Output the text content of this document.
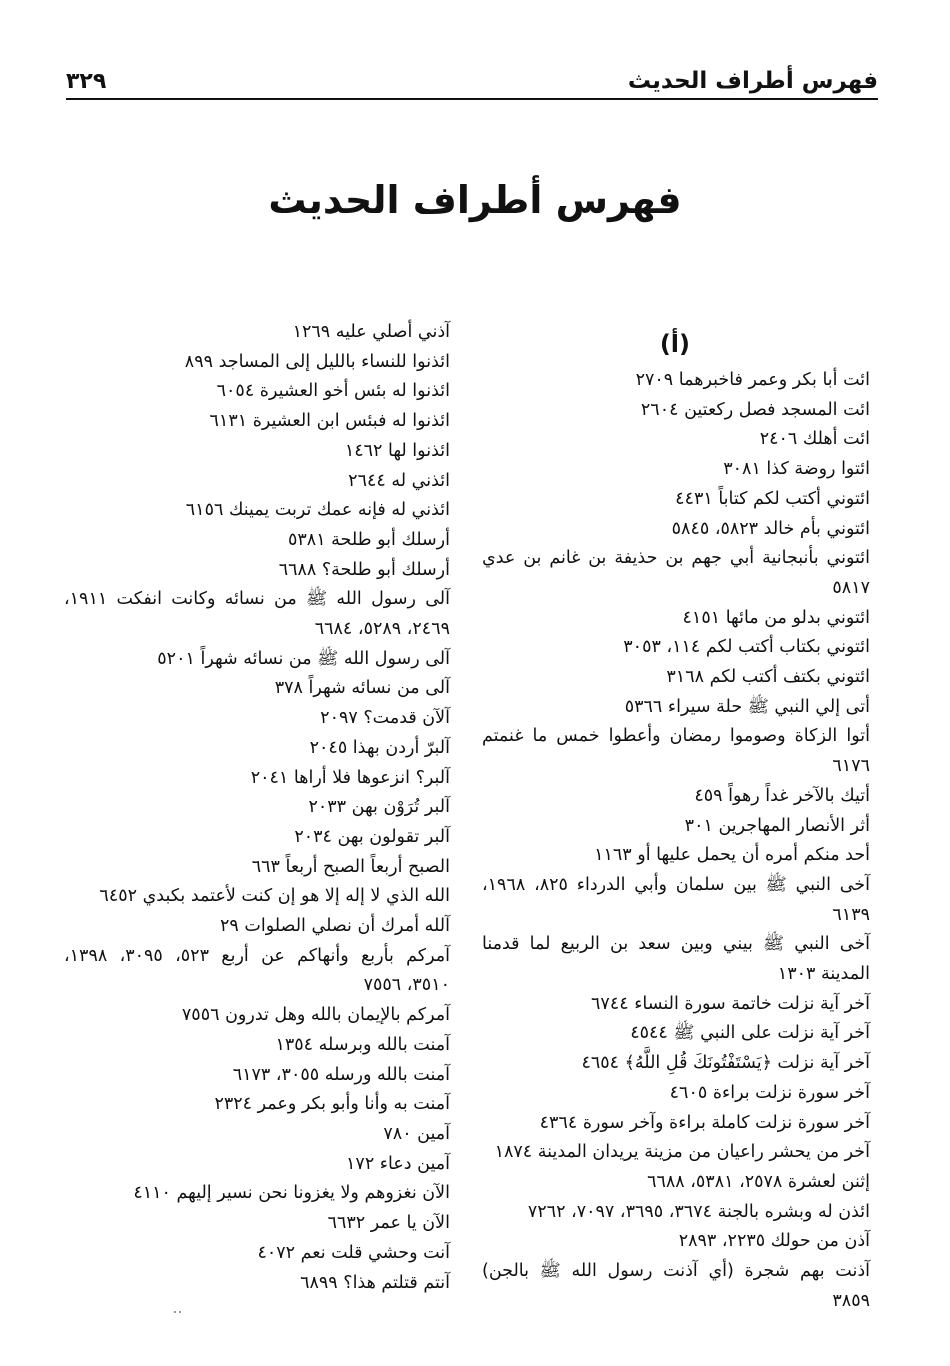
فهرس أطراف الحديث
٣٢٩
فهرس أطراف الحديث
(أ)
ائت أبا بكر وعمر فاخبرهما ٢٧٠٩
ائت المسجد فصل ركعتين ٢٦٠٤
ائت أهلك ٢٤٠٦
ائتوا روضة كذا ٣٠٨١
ائتوني أكتب لكم كتاباً ٤٤٣١
ائتوني بأم خالد ٥٨٢٣، ٥٨٤٥
ائتوني بأنبجانية أبي جهم بن حذيفة بن غانم بن عدي ٥٨١٧
ائتوني بدلو من مائها ٤١٥١
ائتوني بكتاب أكتب لكم ١١٤، ٣٠٥٣
ائتوني بكتف أكتب لكم ٣١٦٨
أتى إلي النبي ﷺ حلة سيراء ٥٣٦٦
أتوا الزكاة وصوموا رمضان وأعطوا خمس ما غنمتم ٦١٧٦
أتيك بالآخر غداً رهواً ٤٥٩
أثر الأنصار المهاجرين ٣٠١
أحد منكم أمره أن يحمل عليها أو ١١٦٣
آخى النبي ﷺ بين سلمان وأبي الدرداء ٨٢٥، ١٩٦٨، ٦١٣٩
آخى النبي ﷺ بيني وبين سعد بن الربيع لما قدمنا المدينة ١٣٠٣
آخر آية نزلت خاتمة سورة النساء ٦٧٤٤
آخر آية نزلت على النبي ﷺ ٤٥٤٤
آخر آية نزلت ﴿يَسْتَفْتُونَكَ قُلِ اللَّهُ﴾ ٤٦٥٤
آخر سورة نزلت براءة ٤٦٠٥
آخر سورة نزلت كاملة براءة وآخر سورة ٤٣٦٤
آخر من يحشر راعيان من مزينة يريدان المدينة ١٨٧٤
إثنن لعشرة ٢٥٧٨، ٥٣٨١، ٦٦٨٨
ائذن له وبشره بالجنة ٣٦٧٤، ٣٦٩٥، ٧٠٩٧، ٧٢٦٢
آذن من حولك ٢٢٣٥، ٢٨٩٣
آذنت بهم شجرة (أي آذنت رسول الله ﷺ بالجن) ٣٨٥٩
آذني أصلي عليه ١٢٦٩
ائذنوا للنساء بالليل إلى المساجد ٨٩٩
ائذنوا له بئس أخو العشيرة ٦٠٥٤
ائذنوا له فبئس ابن العشيرة ٦١٣١
ائذنوا لها ١٤٦٢
ائذني له ٢٦٤٤
ائذني له فإنه عمك تربت يمينك ٦١٥٦
أرسلك أبو طلحة ٥٣٨١
أرسلك أبو طلحة؟ ٦٦٨٨
آلى رسول الله ﷺ من نسائه وكانت انفكت ١٩١١، ٢٤٦٩، ٥٢٨٩، ٦٦٨٤
آلى رسول الله ﷺ من نسائه شهراً ٥٢٠١
آلى من نسائه شهراً ٣٧٨
آلآن قدمت؟ ٢٠٩٧
آلبرّ أردن بهذا ٢٠٤٥
آلبر؟ انزعوها فلا أراها ٢٠٤١
آلبر تُرَوْن بهن ٢٠٣٣
آلبر تقولون بهن ٢٠٣٤
الصبح أربعاً الصبح أربعاً ٦٦٣
الله الذي لا إله إلا هو إن كنت لأعتمد بكبدي ٦٤٥٢
آلله أمرك أن نصلي الصلوات ٢٩
آمركم بأربع وأنهاكم عن أربع ٥٢٣، ٣٠٩٥، ١٣٩٨، ٣٥١٠، ٧٥٥٦
آمركم بالإيمان بالله وهل تدرون ٧٥٥٦
آمنت بالله وبرسله ١٣٥٤
آمنت بالله ورسله ٣٠٥٥، ٦١٧٣
آمنت به وأنا وأبو بكر وعمر ٢٣٢٤
آمين ٧٨٠
آمين دعاء ١٧٢
الآن نغزوهم ولا يغزونا نحن نسير إليهم ٤١١٠
الآن يا عمر ٦٦٣٢
آنت وحشي قلت نعم ٤٠٧٢
آنتم قتلتم هذا؟ ٦٨٩٩
